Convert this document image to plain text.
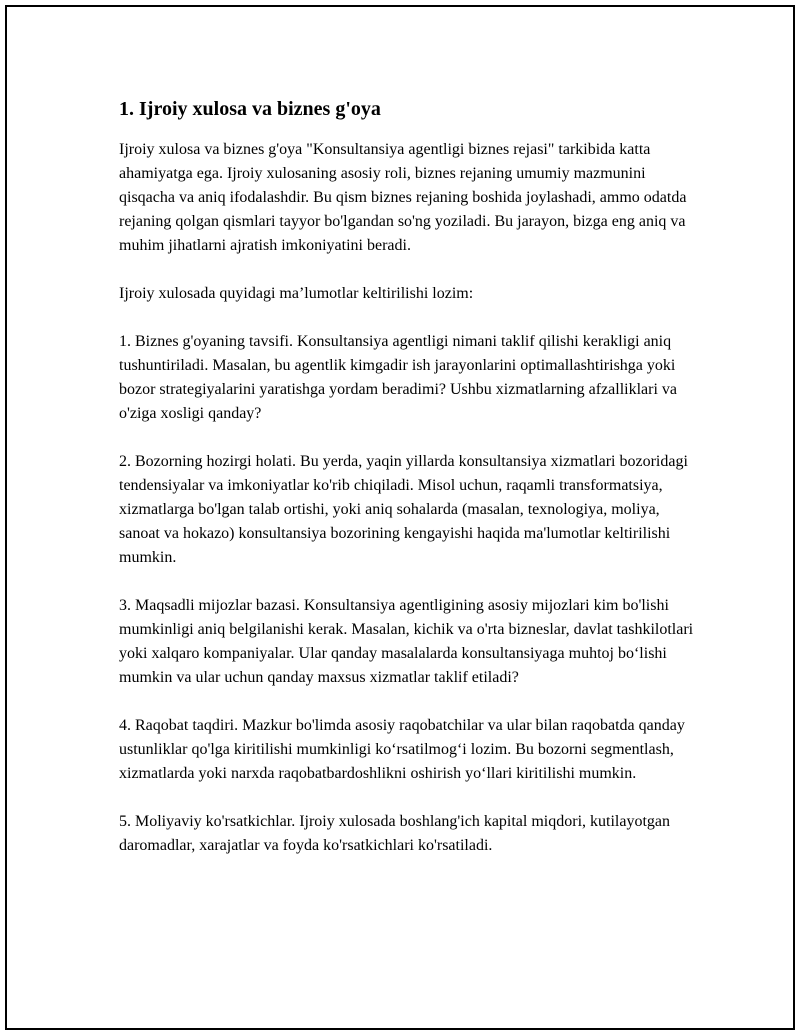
1. Ijroiy xulosa va biznes g'oya

Ijroiy xulosa va biznes g'oya "Konsultansiya agentligi biznes rejasi" tarkibida katta ahamiyatga ega. Ijroiy xulosaning asosiy roli, biznes rejaning umumiy mazmunini qisqacha va aniq ifodalashdir. Bu qism biznes rejaning boshida joylashadi, ammo odatda rejaning qolgan qismlari tayyor bo'lgandan so'ng yoziladi. Bu jarayon, bizga eng aniq va muhim jihatlarni ajratish imkoniyatini beradi.

Ijroiy xulosada quyidagi ma’lumotlar keltirilishi lozim:

1. Biznes g'oyaning tavsifi. Konsultansiya agentligi nimani taklif qilishi kerakligi aniq tushuntiriladi. Masalan, bu agentlik kimgadir ish jarayonlarini optimallashtirishga yoki bozor strategiyalarini yaratishga yordam beradimi? Ushbu xizmatlarning afzalliklari va o'ziga xosligi qanday?

2. Bozorning hozirgi holati. Bu yerda, yaqin yillarda konsultansiya xizmatlari bozoridagi tendensiyalar va imkoniyatlar ko'rib chiqiladi. Misol uchun, raqamli transformatsiya, xizmatlarga bo'lgan talab ortishi, yoki aniq sohalarda (masalan, texnologiya, moliya, sanoat va hokazo) konsultansiya bozorining kengayishi haqida ma'lumotlar keltirilishi mumkin.

3. Maqsadli mijozlar bazasi. Konsultansiya agentligining asosiy mijozlari kim bo'lishi mumkinligi aniq belgilanishi kerak. Masalan, kichik va o'rta bizneslar, davlat tashkilotlari yoki xalqaro kompaniyalar. Ular qanday masalalarda konsultansiyaga muhtoj bo‘lishi mumkin va ular uchun qanday maxsus xizmatlar taklif etiladi?

4. Raqobat taqdiri. Mazkur bo'limda asosiy raqobatchilar va ular bilan raqobatda qanday ustunliklar qo'lga kiritilishi mumkinligi ko‘rsatilmog‘i lozim. Bu bozorni segmentlash, xizmatlarda yoki narxda raqobatbardoshlikni oshirish yo‘llari kiritilishi mumkin.

5. Moliyaviy ko'rsatkichlar. Ijroiy xulosada boshlang'ich kapital miqdori, kutilayotgan daromadlar, xarajatlar va foyda ko'rsatkichlari ko'rsatiladi.
